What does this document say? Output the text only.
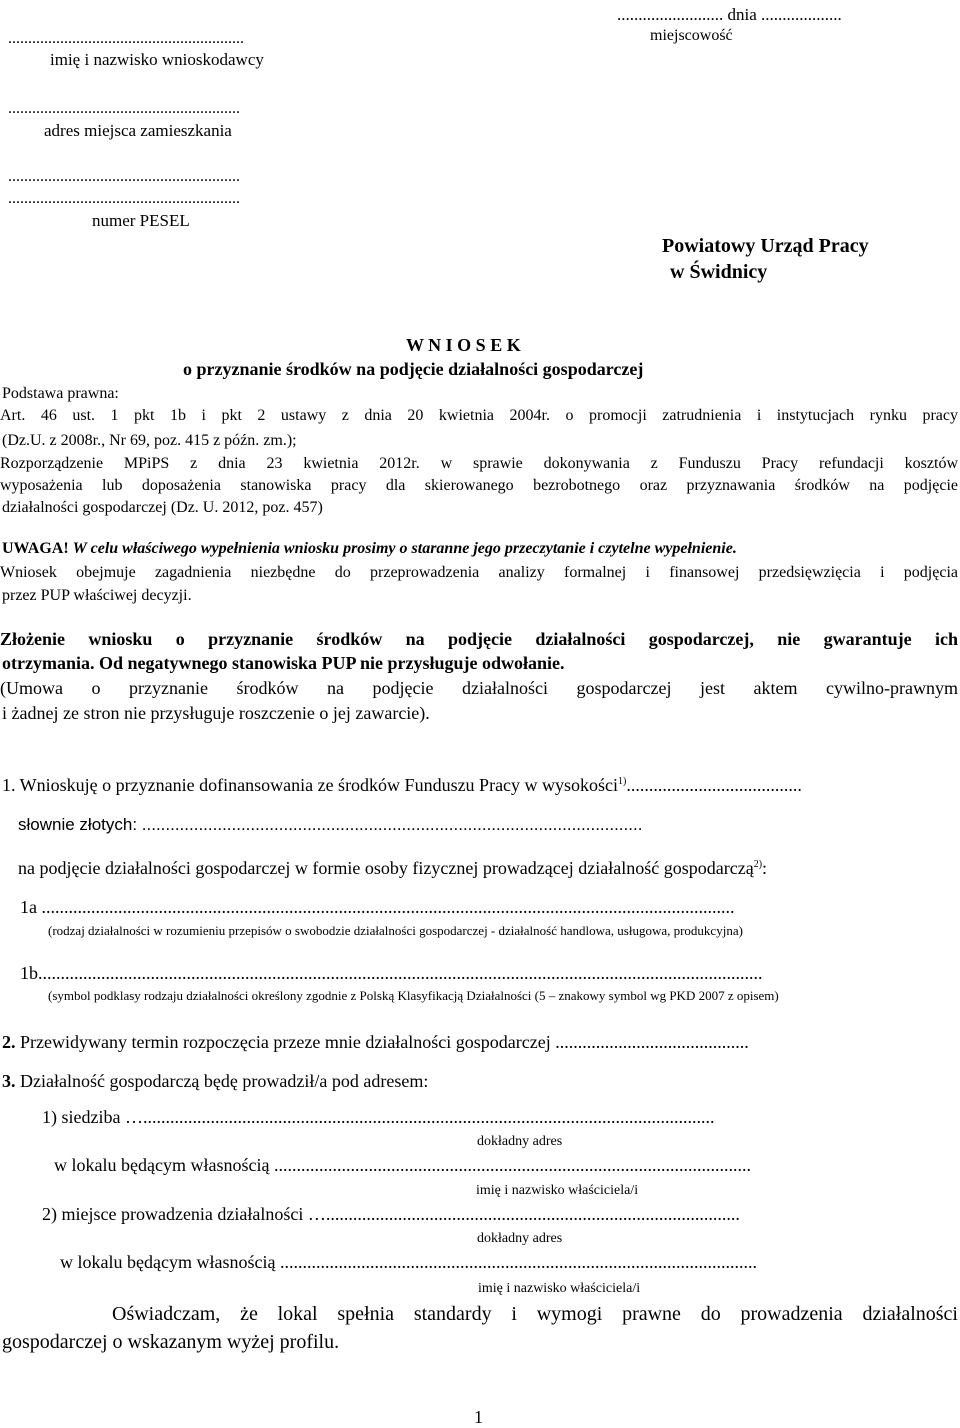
...........................................................
imię i nazwisko wnioskodawcy
..........................................................
adres miejsca zamieszkania
..........................................................
..........................................................
numer PESEL
......................... dnia ...................
miejscowość
Powiatowy Urząd Pracy
w Świdnicy
W N I O S E K
o przyznanie środków na podjęcie działalności gospodarczej
Podstawa prawna:
Art. 46 ust. 1 pkt 1b i pkt 2 ustawy z dnia 20 kwietnia 2004r. o promocji zatrudnienia i instytucjach rynku pracy
(Dz.U. z 2008r., Nr 69, poz. 415 z późn. zm.);
Rozporządzenie MPiPS z dnia 23 kwietnia 2012r. w sprawie dokonywania z Funduszu Pracy refundacji kosztów
wyposażenia lub doposażenia stanowiska pracy dla skierowanego bezrobotnego oraz przyznawania środków na podjęcie
działalności gospodarczej (Dz. U. 2012, poz. 457)
UWAGA! W celu właściwego wypełnienia wniosku prosimy o staranne jego przeczytanie i czytelne wypełnienie.
Wniosek obejmuje zagadnienia niezbędne do przeprowadzenia analizy formalnej i finansowej przedsięwzięcia i podjęcia
przez PUP właściwej decyzji.
Złożenie wniosku o przyznanie środków na podjęcie działalności gospodarczej, nie gwarantuje ich
otrzymania. Od negatywnego stanowiska PUP nie przysługuje odwołanie.
(Umowa o przyznanie środków na podjęcie działalności gospodarczej jest aktem cywilno-prawnym
i żadnej ze stron nie przysługuje roszczenie o jej zawarcie).
1. Wnioskuję o przyznanie dofinansowania ze środków Funduszu Pracy w wysokości$^{1)}$.......................................
słownie złotych: ..........................................................................................................
na podjęcie działalności gospodarczej w formie osoby fizycznej prowadzącej działalność gospodarczą$^{2)}$:
1a ..........................................................................................................................................................
(rodzaj działalności w rozumieniu przepisów o swobodzie działalności gospodarczej - działalność handlowa, usługowa, produkcyjna)
1b.................................................................................................................................................................
(symbol podklasy rodzaju działalności określony zgodnie z Polską Klasyfikacją Działalności (5 – znakowy symbol wg PKD 2007 z opisem)
2. Przewidywany termin rozpoczęcia przeze mnie działalności gospodarczej ...........................................
3. Działalność gospodarczą będę prowadził/a pod adresem:
1) siedziba …...............................................................................................................................
dokładny adres
w lokalu będącym własnością ..........................................................................................................
imię i nazwisko właściciela/i
2) miejsce prowadzenia działalności …............................................................................................
dokładny adres
w lokalu będącym własnością ..........................................................................................................
imię i nazwisko właściciela/i
Oświadczam, że lokal spełnia standardy i wymogi prawne do prowadzenia działalności
gospodarczej o wskazanym wyżej profilu.
1
